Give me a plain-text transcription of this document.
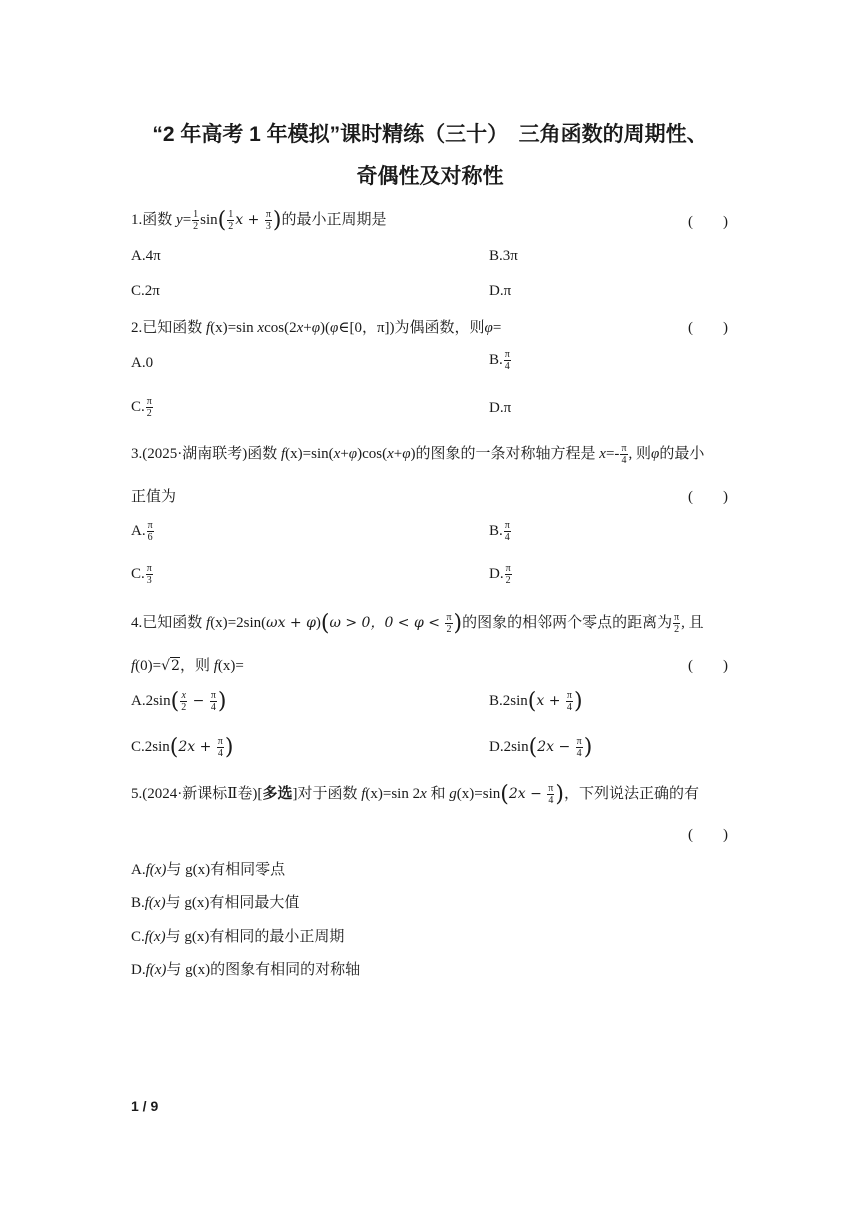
“2 年高考 1 年模拟”课时精练（三十）　三角函数的周期性、
奇偶性及对称性
1.函数 $y= \frac{1}{2} \sin( \frac{1}{2}$ $x + \frac{\pi}{3}$ )的最小正周期是	(　　)
A.4π	B.3π
C.2π	D.π
2.已知函数 f(x)=sin xcos(2x+φ)(φ∈[0，π])为偶函数，则φ=	(　　)
A.0	B. $\frac{\pi}{4}$
C. $\frac{\pi}{2}$	D.π
3.(2025·湖南联考)函数 f(x)=sin(x+φ)cos(x+φ)的图象的一条对称轴方程是 $x=- \frac{\pi}{4}$ , 则φ的最小
正值为	(　　)
A. $\frac{\pi}{6}$	B. $\frac{\pi}{4}$
C. $\frac{\pi}{3}$	D. $\frac{\pi}{2}$
4.已知函数 f(x)=2sin(ωx + φ)(ω > 0，$0 < \varphi < \frac{\pi}{2}$ )的图象的相邻两个零点的距离为 $\frac{\pi}{2}$ , 且
f(0)=√2，则 f(x)=	(　　)
$A.2\sin( \frac{x}{2} - \frac{\pi}{4}$ )	$B.2\sin(x + \frac{\pi}{4}$ )
$C.2\sin(2x + \frac{\pi}{4}$ )	$D.2\sin(2x - \frac{\pi}{4}$ )
5.(2024·新课标Ⅱ卷)[多选]对于函数 f(x)=sin 2x 和 $g(x)=\sin(2x - \frac{\pi}{4}$ )，下列说法正确的有
(　　)
A.f(x)与 g(x)有相同零点
B.f(x)与 g(x)有相同最大值
C.f(x)与 g(x)有相同的最小正周期
D.f(x)与 g(x)的图象有相同的对称轴
1 / 9
